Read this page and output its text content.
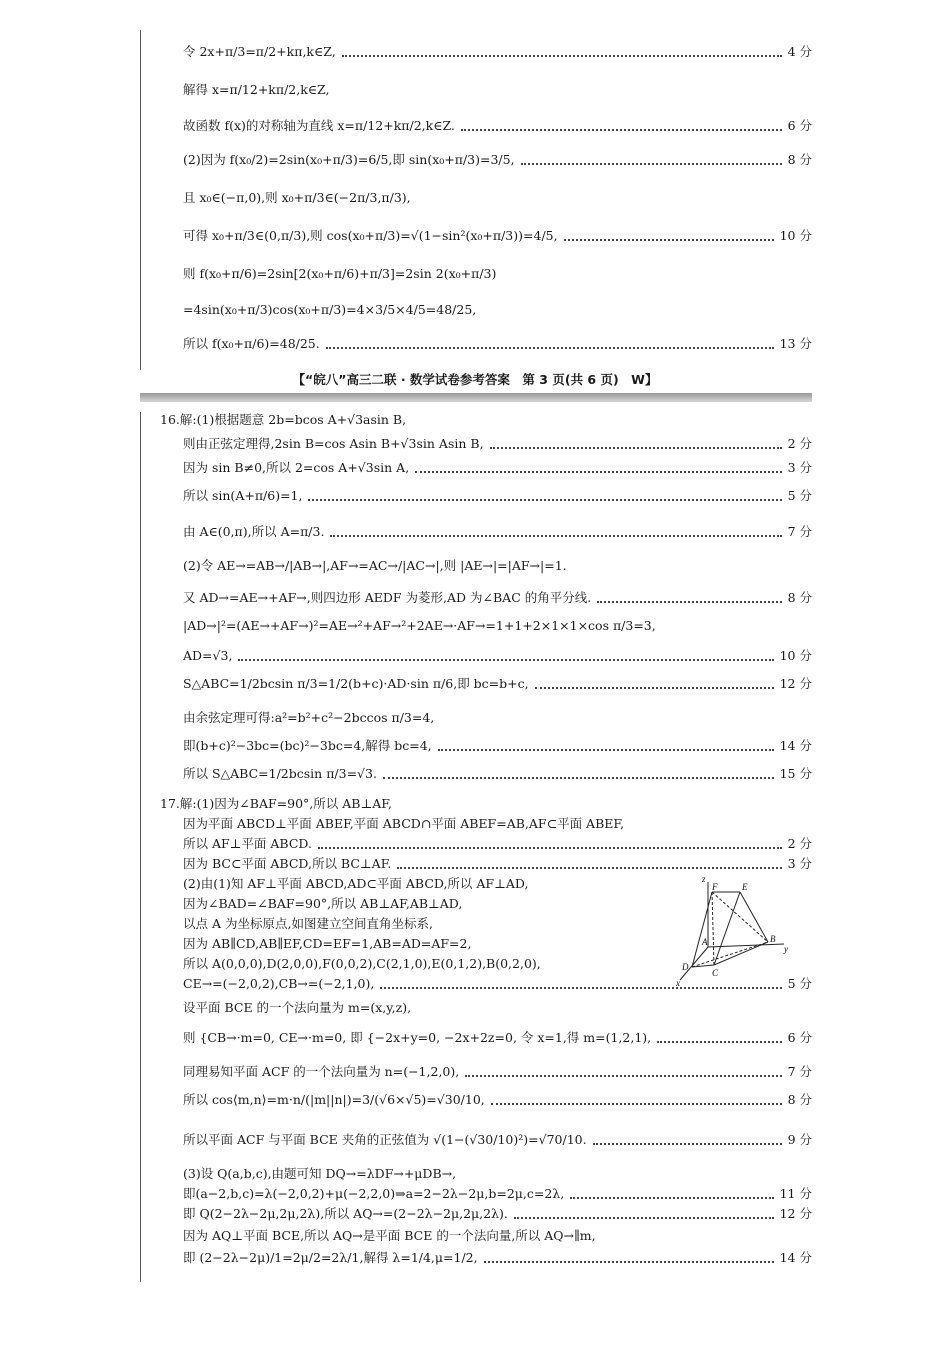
令 2x+π/3=π/2+kπ,k∈Z,	4 分
解得 x=π/12+kπ/2,k∈Z,
故函数 f(x)的对称轴为直线 x=π/12+kπ/2,k∈Z.	6 分
(2)因为 f(x₀/2)=2sin(x₀+π/3)=6/5,即 sin(x₀+π/3)=3/5,	8 分
且 x₀∈(−π,0),则 x₀+π/3∈(−2π/3,π/3),
可得 x₀+π/3∈(0,π/3),则 cos(x₀+π/3)=√(1−sin²(x₀+π/3))=4/5,	10 分
则 f(x₀+π/6)=2sin[2(x₀+π/6)+π/3]=2sin 2(x₀+π/3)
=4sin(x₀+π/3)cos(x₀+π/3)=4×3/5×4/5=48/25,
所以 f(x₀+π/6)=48/25.	13 分
【“皖八”高三二联 · 数学试卷参考答案　第 3 页(共 6 页)　W】
16.解:(1)根据题意 2b=bcos A+√3asin B,
则由正弦定理得,2sin B=cos Asin B+√3sin Asin B,	2 分
因为 sin B≠0,所以 2=cos A+√3sin A,	3 分
所以 sin(A+π/6)=1,	5 分
由 A∈(0,π),所以 A=π/3.	7 分
(2)令 AE→=AB→/|AB→|,AF→=AC→/|AC→|,则 |AE→|=|AF→|=1.
又 AD→=AE→+AF→,则四边形 AEDF 为菱形,AD 为∠BAC 的角平分线.	8 分
|AD→|²=(AE→+AF→)²=AE→²+AF→²+2AE→·AF→=1+1+2×1×1×cos π/3=3,
AD=√3,	10 分
S△ABC=1/2bcsin π/3=1/2(b+c)·AD·sin π/6,即 bc=b+c,	12 分
由余弦定理可得:a²=b²+c²−2bccos π/3=4,
即(b+c)²−3bc=(bc)²−3bc=4,解得 bc=4,	14 分
所以 S△ABC=1/2bcsin π/3=√3.	15 分
17.解:(1)因为∠BAF=90°,所以 AB⊥AF,
因为平面 ABCD⊥平面 ABEF,平面 ABCD∩平面 ABEF=AB,AF⊂平面 ABEF,
所以 AF⊥平面 ABCD.	2 分
因为 BC⊂平面 ABCD,所以 BC⊥AF.	3 分
(2)由(1)知 AF⊥平面 ABCD,AD⊂平面 ABCD,所以 AF⊥AD,
因为∠BAD=∠BAF=90°,所以 AB⊥AF,AB⊥AD,
以点 A 为坐标原点,如图建立空间直角坐标系,
因为 AB∥CD,AB∥EF,CD=EF=1,AB=AD=AF=2,
所以 A(0,0,0),D(2,0,0),F(0,0,2),C(2,1,0),E(0,1,2),B(0,2,0),
CE→=(−2,0,2),CB→=(−2,1,0),	5 分
设平面 BCE 的一个法向量为 m=(x,y,z),
则 {CB→·m=0, CE→·m=0, 即 {−2x+y=0, −2x+2z=0, 令 x=1,得 m=(1,2,1),	6 分
同理易知平面 ACF 的一个法向量为 n=(−1,2,0),	7 分
所以 cos⟨m,n⟩=m·n/(|m||n|)=3/(√6×√5)=√30/10,	8 分
所以平面 ACF 与平面 BCE 夹角的正弦值为 √(1−(√30/10)²)=√70/10.	9 分
(3)设 Q(a,b,c),由题可知 DQ→=λDF→+μDB→,
即(a−2,b,c)=λ(−2,0,2)+μ(−2,2,0)⇒a=2−2λ−2μ,b=2μ,c=2λ,	11 分
即 Q(2−2λ−2μ,2μ,2λ),所以 AQ→=(2−2λ−2μ,2μ,2λ).	12 分
因为 AQ⊥平面 BCE,所以 AQ→是平面 BCE 的一个法向量,所以 AQ→∥m,
即 (2−2λ−2μ)/1=2μ/2=2λ/1,解得 λ=1/4,μ=1/2,	14 分
z
F	E
A	B
y
D
C
x
